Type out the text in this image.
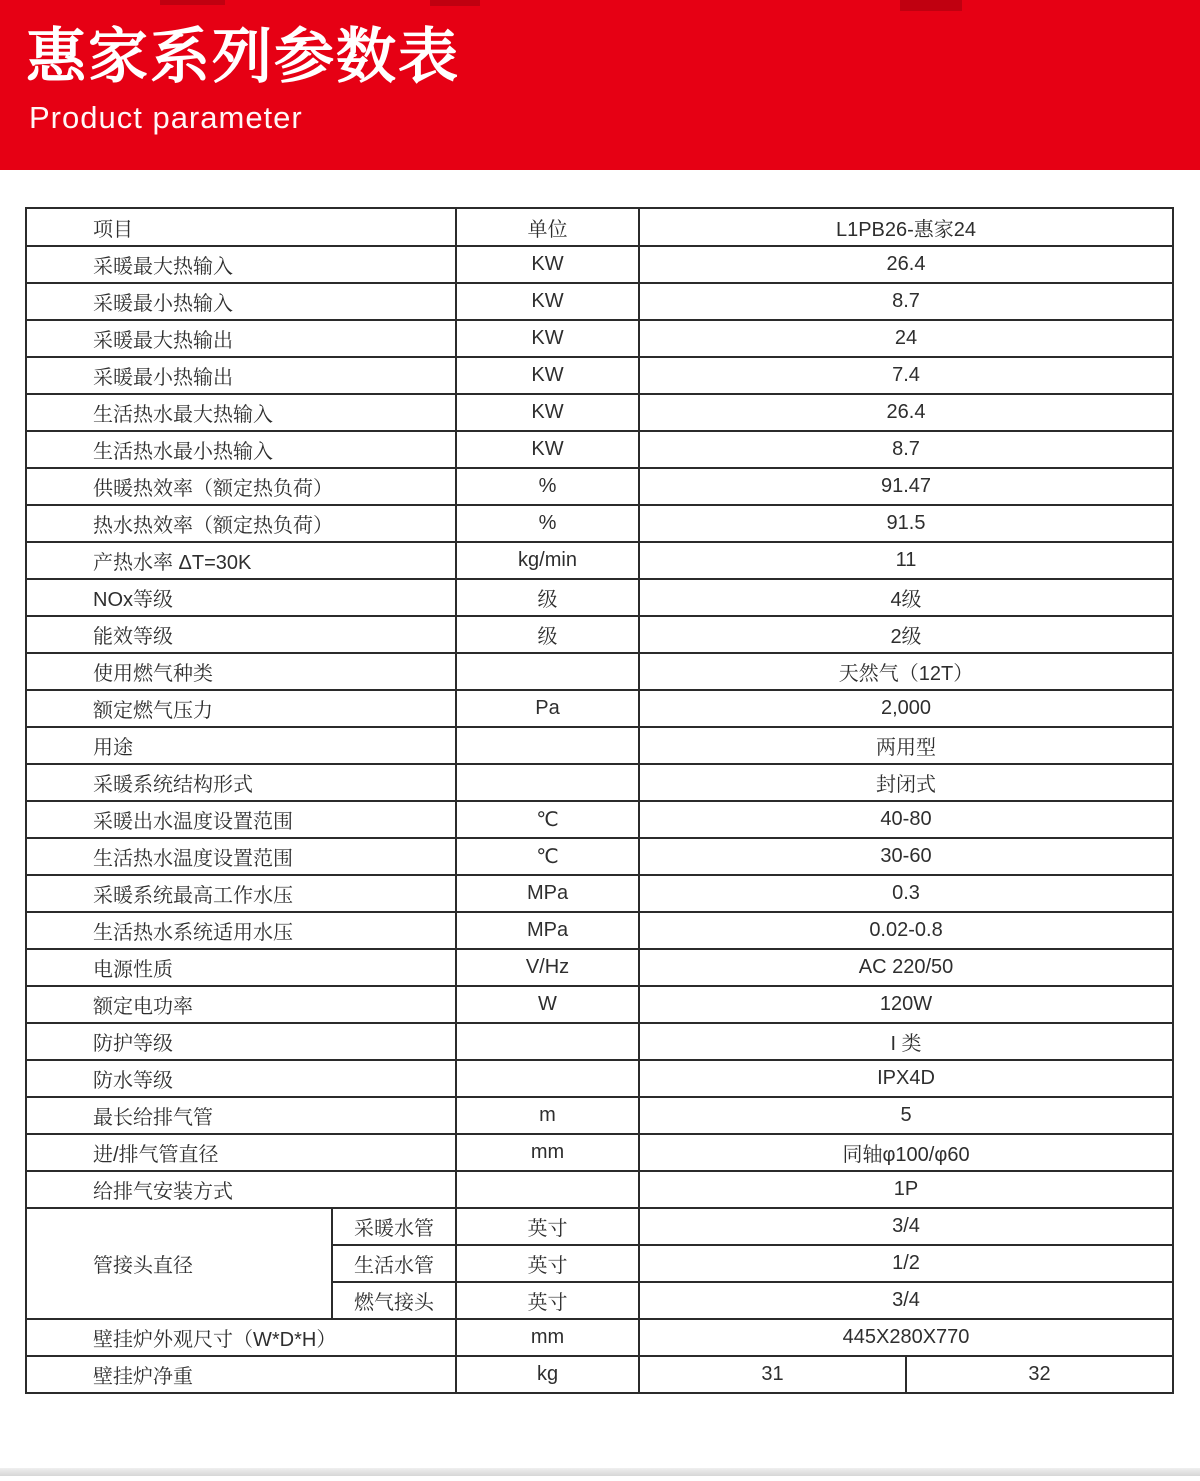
惠家系列参数表

Product parameter

项目		单位	L1PB26-惠家24	
采暖最大热输入		KW	26.4	
采暖最小热输入		KW	8.7	
采暖最大热输出		KW	24	
采暖最小热输出		KW	7.4	
生活热水最大热输入		KW	26.4	
生活热水最小热输入		KW	8.7	
供暖热效率（额定热负荷）		%	91.47	
热水热效率（额定热负荷）		%	91.5	
产热水率 ΔT=30K		kg/min	11	
NOx等级		级	4级	
能效等级		级	2级	
使用燃气种类			天然气（12T）	
额定燃气压力		Pa	2,000	
用途			两用型	
采暖系统结构形式			封闭式	
采暖出水温度设置范围		℃	40-80	
生活热水温度设置范围		℃	30-60	
采暖系统最高工作水压		MPa	0.3	
生活热水系统适用水压		MPa	0.02-0.8	
电源性质		V/Hz	AC 220/50	
额定电功率		W	120W	
防护等级			I 类	
防水等级			IPX4D	
最长给排气管		m	5	
进/排气管直径		mm	同轴φ100/φ60	
给排气安装方式			1P	
管接头直径	采暖水管	英寸	3/4	
	生活水管	英寸	1/2	
	燃气接头	英寸	3/4	
壁挂炉外观尺寸（W*D*H）		mm	445X280X770	
壁挂炉净重		kg	31	32
